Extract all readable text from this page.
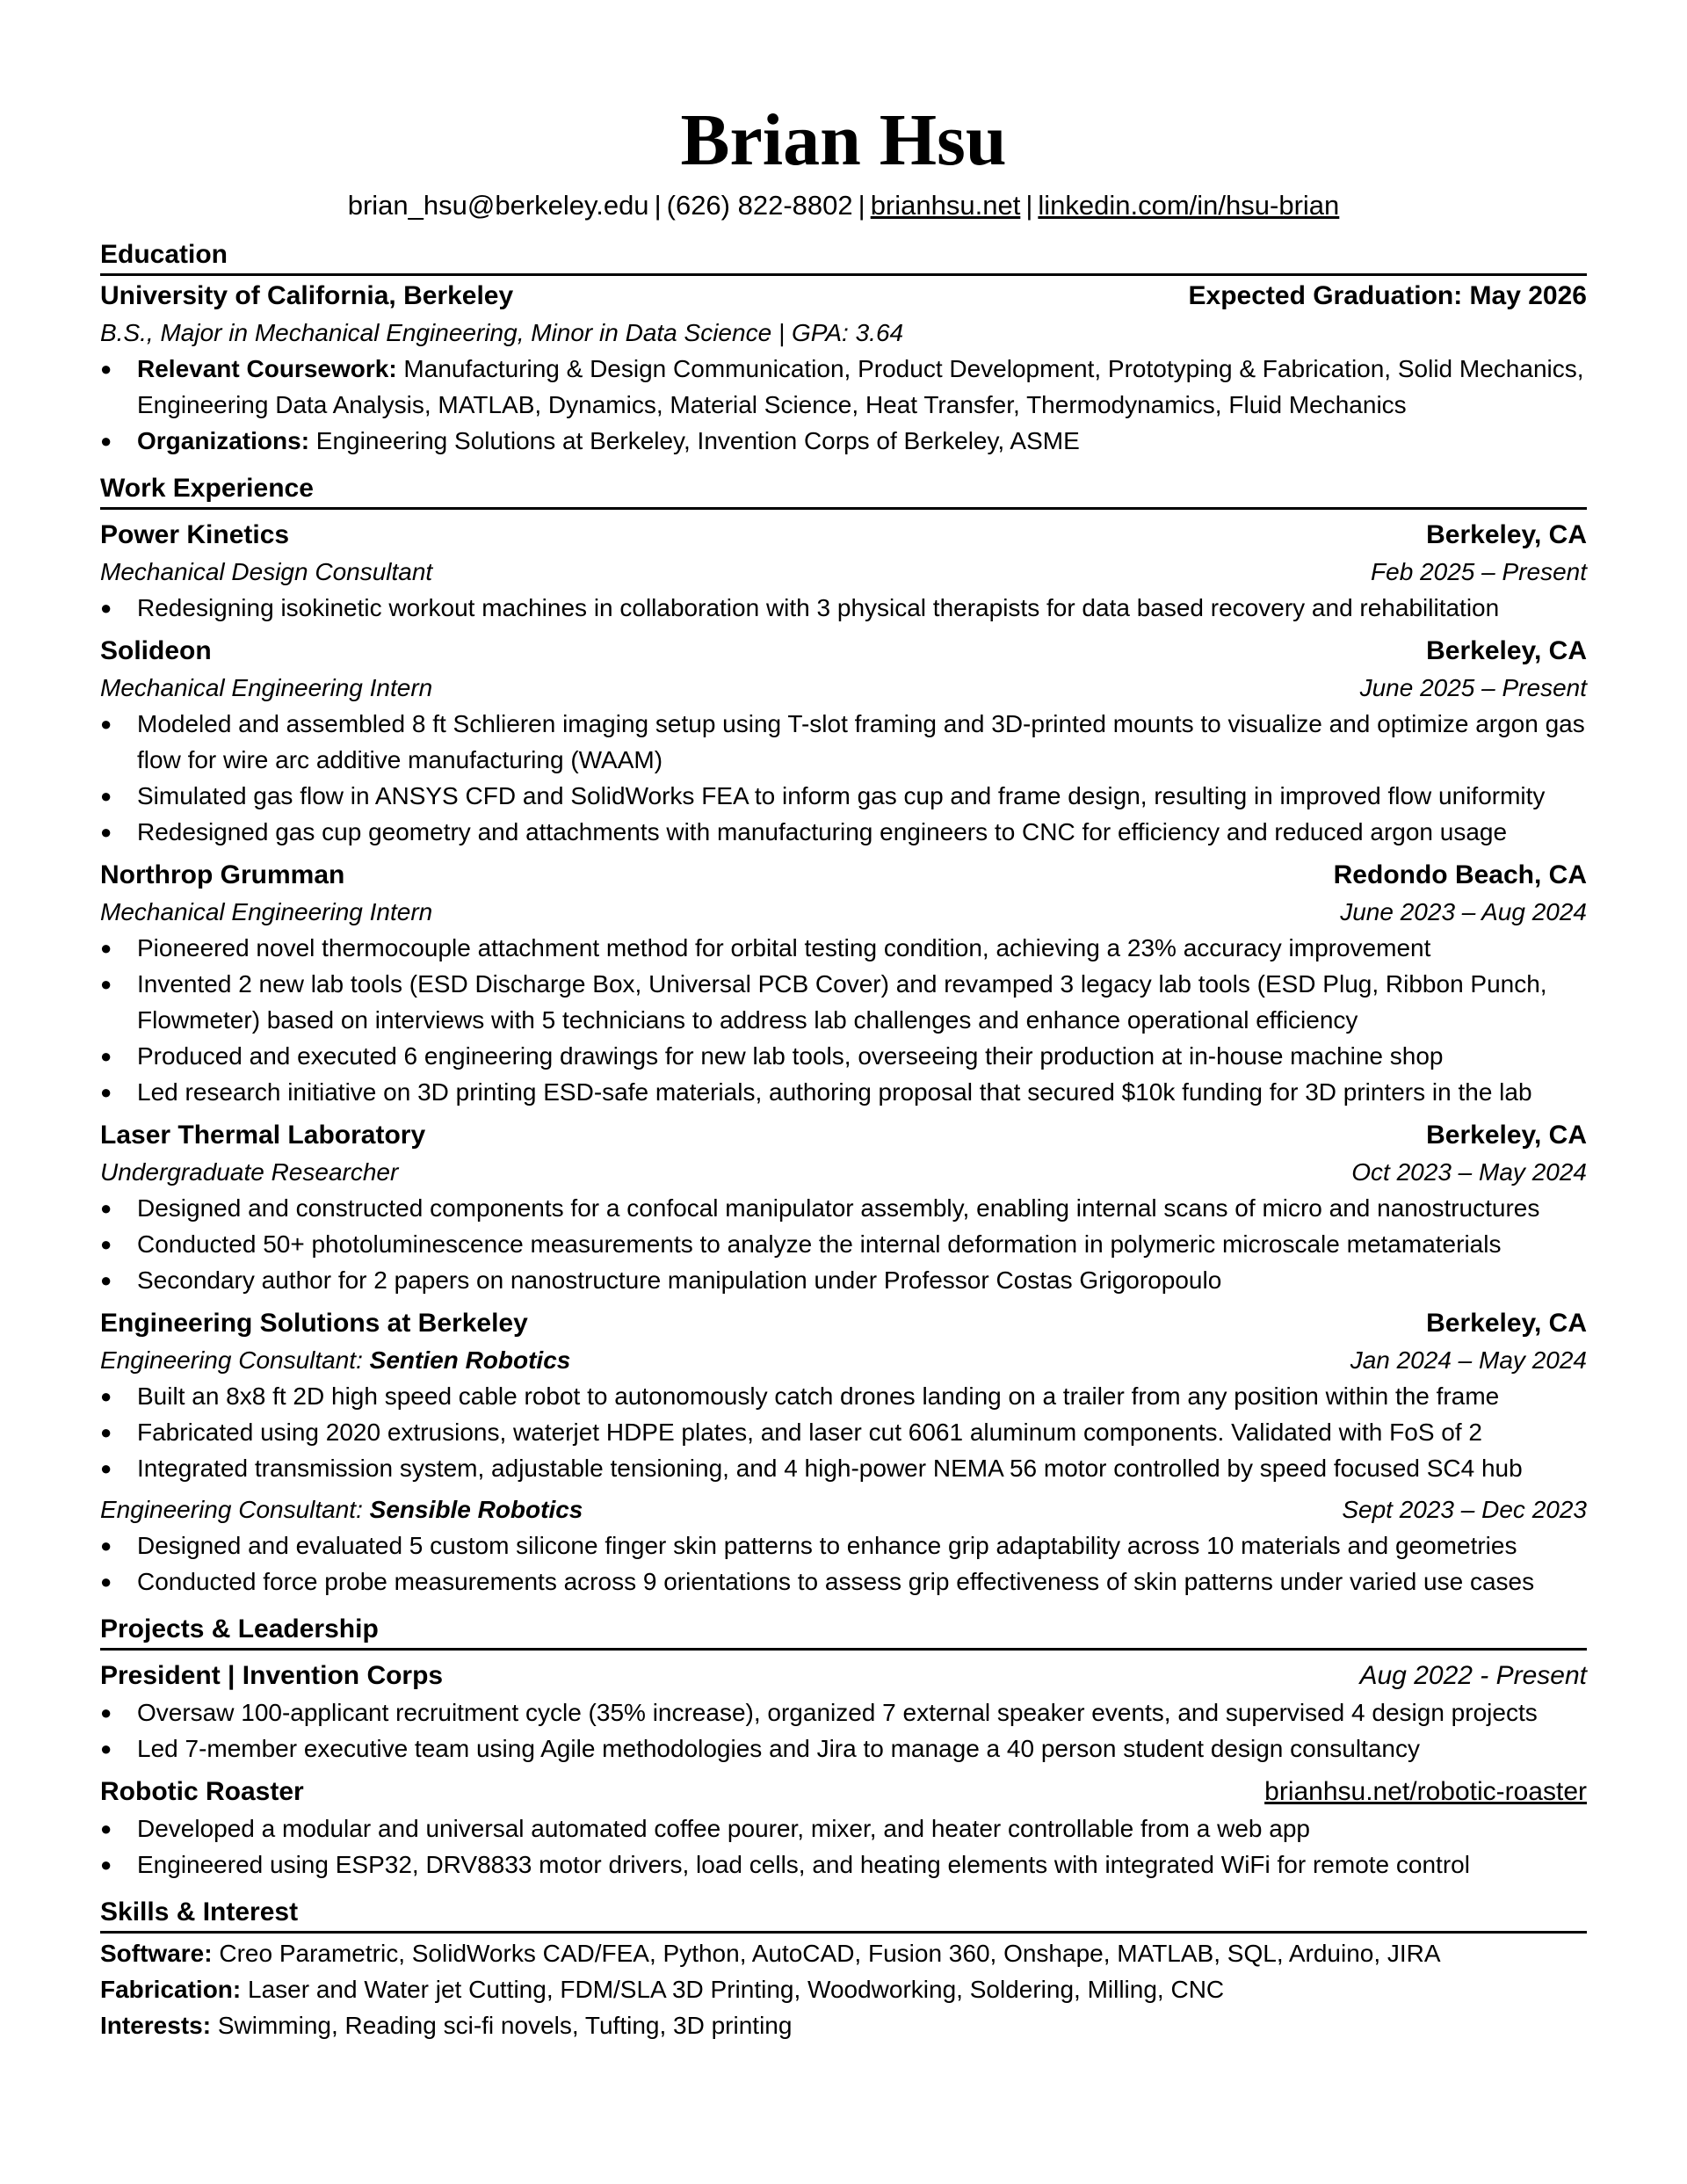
Brian Hsu
brian_hsu@berkeley.edu | (626) 822-8802 | brianhsu.net | linkedin.com/in/hsu-brian
Education
University of California, Berkeley	Expected Graduation: May 2026
B.S., Major in Mechanical Engineering, Minor in Data Science | GPA: 3.64
● Relevant Coursework: Manufacturing & Design Communication, Product Development, Prototyping & Fabrication, Solid Mechanics, Engineering Data Analysis, MATLAB, Dynamics, Material Science, Heat Transfer, Thermodynamics, Fluid Mechanics
● Organizations: Engineering Solutions at Berkeley, Invention Corps of Berkeley, ASME
Work Experience
Power Kinetics	Berkeley, CA
Mechanical Design Consultant	Feb 2025 – Present
● Redesigning isokinetic workout machines in collaboration with 3 physical therapists for data based recovery and rehabilitation
Solideon	Berkeley, CA
Mechanical Engineering Intern	June 2025 – Present
● Modeled and assembled 8 ft Schlieren imaging setup using T-slot framing and 3D-printed mounts to visualize and optimize argon gas flow for wire arc additive manufacturing (WAAM)
● Simulated gas flow in ANSYS CFD and SolidWorks FEA to inform gas cup and frame design, resulting in improved flow uniformity
● Redesigned gas cup geometry and attachments with manufacturing engineers to CNC for efficiency and reduced argon usage
Northrop Grumman	Redondo Beach, CA
Mechanical Engineering Intern	June 2023 – Aug 2024
● Pioneered novel thermocouple attachment method for orbital testing condition, achieving a 23% accuracy improvement
● Invented 2 new lab tools (ESD Discharge Box, Universal PCB Cover) and revamped 3 legacy lab tools (ESD Plug, Ribbon Punch, Flowmeter) based on interviews with 5 technicians to address lab challenges and enhance operational efficiency
● Produced and executed 6 engineering drawings for new lab tools, overseeing their production at in-house machine shop
● Led research initiative on 3D printing ESD-safe materials, authoring proposal that secured $10k funding for 3D printers in the lab
Laser Thermal Laboratory	Berkeley, CA
Undergraduate Researcher	Oct 2023 – May 2024
● Designed and constructed components for a confocal manipulator assembly, enabling internal scans of micro and nanostructures
● Conducted 50+ photoluminescence measurements to analyze the internal deformation in polymeric microscale metamaterials
● Secondary author for 2 papers on nanostructure manipulation under Professor Costas Grigoropoulo
Engineering Solutions at Berkeley	Berkeley, CA
Engineering Consultant: Sentien Robotics	Jan 2024 – May 2024
● Built an 8x8 ft 2D high speed cable robot to autonomously catch drones landing on a trailer from any position within the frame
● Fabricated using 2020 extrusions, waterjet HDPE plates, and laser cut 6061 aluminum components. Validated with FoS of 2
● Integrated transmission system, adjustable tensioning, and 4 high-power NEMA 56 motor controlled by speed focused SC4 hub
Engineering Consultant: Sensible Robotics	Sept 2023 – Dec 2023
● Designed and evaluated 5 custom silicone finger skin patterns to enhance grip adaptability across 10 materials and geometries
● Conducted force probe measurements across 9 orientations to assess grip effectiveness of skin patterns under varied use cases
Projects & Leadership
President | Invention Corps	Aug 2022 - Present
● Oversaw 100-applicant recruitment cycle (35% increase), organized 7 external speaker events, and supervised 4 design projects
● Led 7-member executive team using Agile methodologies and Jira to manage a 40 person student design consultancy
Robotic Roaster	brianhsu.net/robotic-roaster
● Developed a modular and universal automated coffee pourer, mixer, and heater controllable from a web app
● Engineered using ESP32, DRV8833 motor drivers, load cells, and heating elements with integrated WiFi for remote control
Skills & Interest
Software: Creo Parametric, SolidWorks CAD/FEA, Python, AutoCAD, Fusion 360, Onshape, MATLAB, SQL, Arduino, JIRA
Fabrication: Laser and Water jet Cutting, FDM/SLA 3D Printing, Woodworking, Soldering, Milling, CNC
Interests: Swimming, Reading sci-fi novels, Tufting, 3D printing
